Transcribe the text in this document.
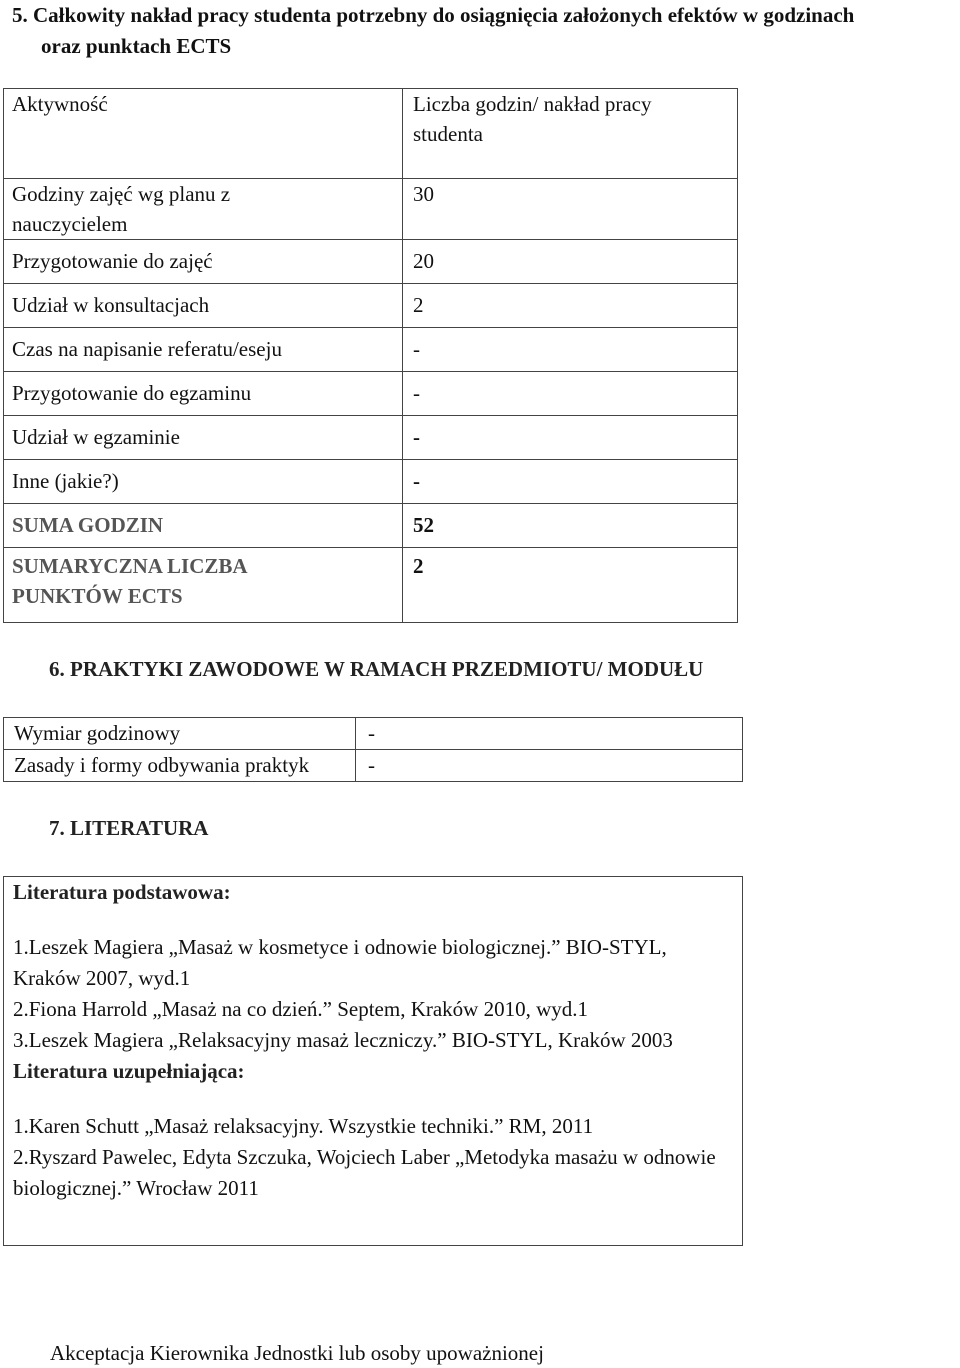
5. Całkowity nakład pracy studenta potrzebny do osiągnięcia założonych efektów w godzinach
oraz punktach ECTS
Aktywność	Liczba godzin/ nakład pracy studenta
Godziny zajęć wg planu z nauczycielem	30
Przygotowanie do zajęć	20
Udział w konsultacjach	2
Czas na napisanie referatu/eseju	-
Przygotowanie do egzaminu	-
Udział w egzaminie	-
Inne (jakie?)	-
SUMA GODZIN	52
SUMARYCZNA LICZBA PUNKTÓW ECTS	2
6. PRAKTYKI ZAWODOWE W RAMACH PRZEDMIOTU/ MODUŁU
Wymiar godzinowy	-
Zasady i formy odbywania praktyk	-
7. LITERATURA

Literatura podstawowa:

1.Leszek Magiera „Masaż w kosmetyce i odnowie biologicznej.” BIO-STYL, Kraków 2007, wyd.1

2.Fiona Harrold „Masaż na co dzień.” Septem, Kraków 2010, wyd.1

3.Leszek Magiera „Relaksacyjny masaż leczniczy.” BIO-STYL, Kraków 2003

Literatura uzupełniająca:

1.Karen Schutt „Masaż relaksacyjny. Wszystkie techniki.” RM, 2011

2.Ryszard Pawelec, Edyta Szczuka, Wojciech Laber „Metodyka masażu w odnowie biologicznej.” Wrocław 2011

Akceptacja Kierownika Jednostki lub osoby upoważnionej
